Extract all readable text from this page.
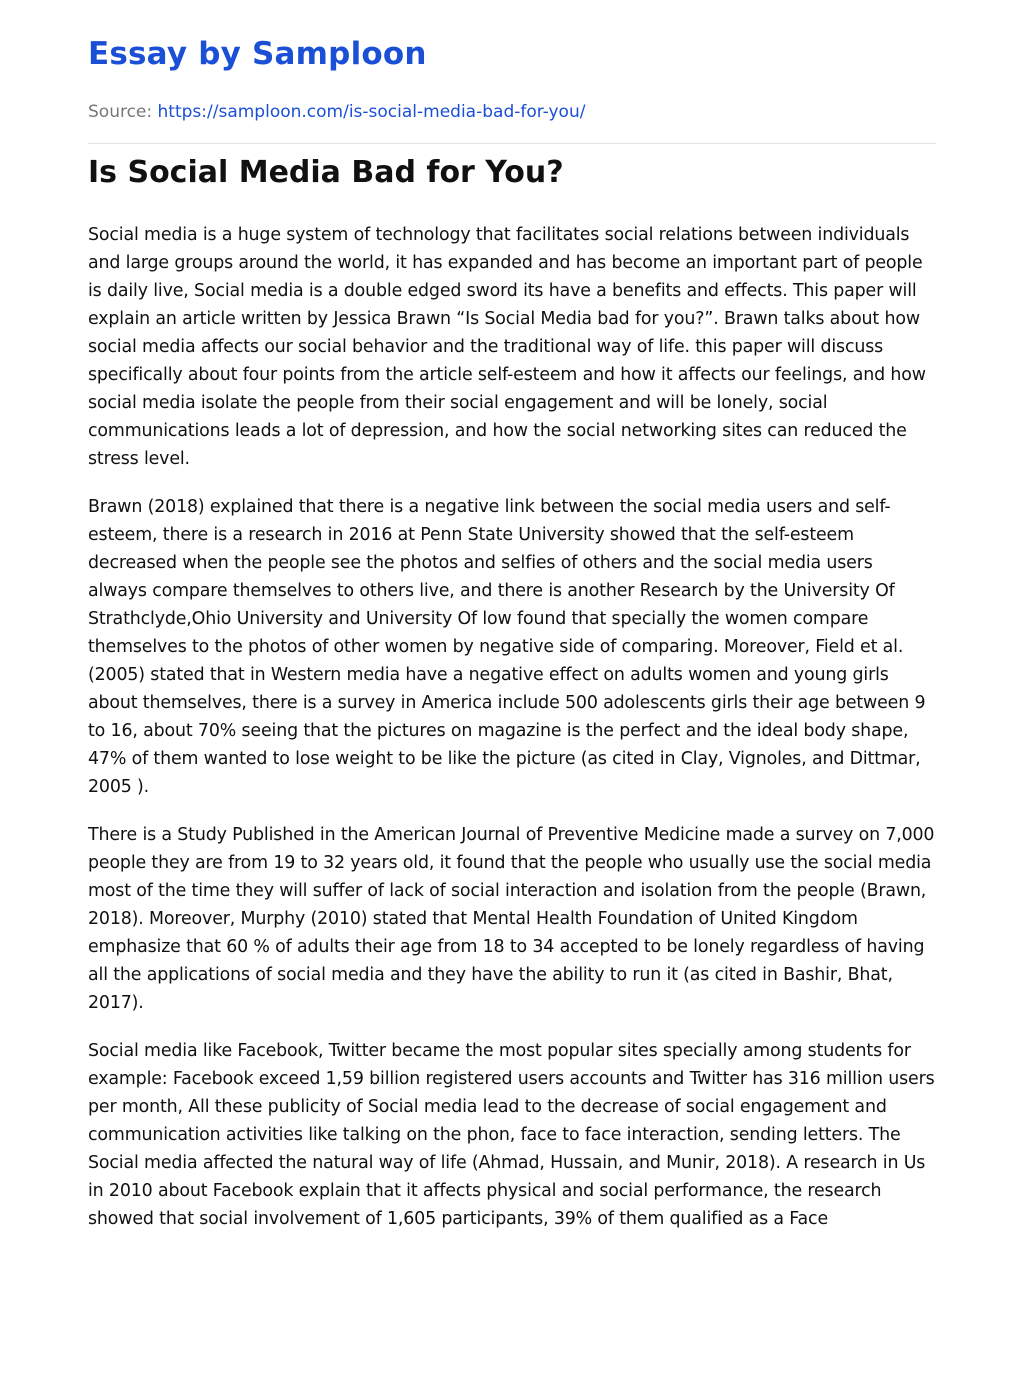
Essay by Samploon
Source: https://samploon.com/is-social-media-bad-for-you/
Is Social Media Bad for You?

Social media is a huge system of technology that facilitates social relations between individuals and large groups around the world, it has expanded and has become an important part of people is daily live, Social media is a double edged sword its have a benefits and effects. This paper will explain an article written by Jessica Brawn “Is Social Media bad for you?”. Brawn talks about how social media affects our social behavior and the traditional way of life. this paper will discuss specifically about four points from the article self-esteem and how it affects our feelings, and how social media isolate the people from their social engagement and will be lonely, social communications leads a lot of depression, and how the social networking sites can reduced the stress level.

Brawn (2018) explained that there is a negative link between the social media users and self-esteem, there is a research in 2016 at Penn State University showed that the self-esteem decreased when the people see the photos and selfies of others and the social media users always compare themselves to others live, and there is another Research by the University Of Strathclyde,Ohio University and University Of low found that specially the women compare themselves to the photos of other women by negative side of comparing. Moreover, Field et al. (2005) stated that in Western media have a negative effect on adults women and young girls about themselves, there is a survey in America include 500 adolescents girls their age between 9 to 16, about 70% seeing that the pictures on magazine is the perfect and the ideal body shape, 47% of them wanted to lose weight to be like the picture (as cited in Clay, Vignoles, and Dittmar, 2005 ).

There is a Study Published in the American Journal of Preventive Medicine made a survey on 7,000 people they are from 19 to 32 years old, it found that the people who usually use the social media most of the time they will suffer of lack of social interaction and isolation from the people (Brawn, 2018). Moreover, Murphy (2010) stated that Mental Health Foundation of United Kingdom emphasize that 60 % of adults their age from 18 to 34 accepted to be lonely regardless of having all the applications of social media and they have the ability to run it (as cited in Bashir, Bhat, 2017).

Social media like Facebook, Twitter became the most popular sites specially among students for example: Facebook exceed 1,59 billion registered users accounts and Twitter has 316 million users per month, All these publicity of Social media lead to the decrease of social engagement and communication activities like talking on the phon, face to face interaction, sending letters. The Social media affected the natural way of life (Ahmad, Hussain, and Munir, 2018). A research in Us in 2010 about Facebook explain that it affects physical and social performance, the research showed that social involvement of 1,605 participants, 39% of them qualified as a Face
